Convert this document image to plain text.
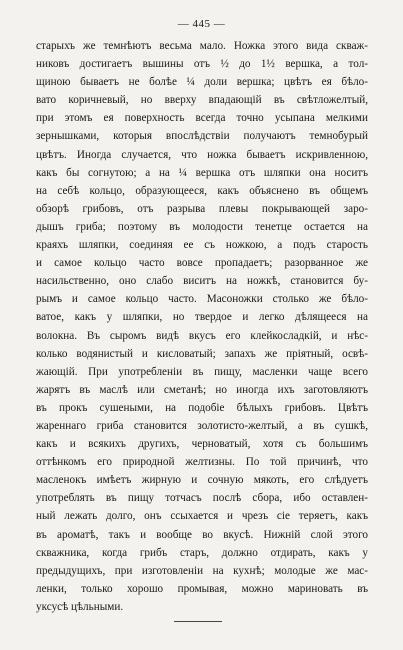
— 445 —
старыхъ же темнѣютъ весьма мало. Ножка этого вида скваж-
никовъ достигаетъ вышины отъ ½ до 1½ вершка, а тол-
щиною бываетъ не болѣе ¼ доли вершка; цвѣтъ ея бѣло-
вато коричневый, но вверху впадающій въ свѣтложелтый,
при этомъ ея поверхность всегда точно усыпана мелкими
зернышками, которыя впослѣдствіи получаютъ темнобурый
цвѣтъ. Иногда случается, что ножка бываетъ искривленною,
какъ бы согнутою; а на ¼ вершка отъ шляпки она носитъ
на себѣ кольцо, образующееся, какъ объяснено въ общемъ
обзорѣ грибовъ, отъ разрыва плевы покрывающей заро-
дышъ гриба; поэтому въ молодости тенетце остается на
краяхъ шляпки, соединяя ее съ ножкою, а подъ старость
и самое кольцо часто вовсе пропадаетъ; разорванное же
насильственно, оно слабо виситъ на ножкѣ, становится бу-
рымъ и самое кольцо часто. Масоножки столько же бѣло-
ватое, какъ у шляпки, но твердое и легко дѣлящееся на
волокна. Въ сыромъ видѣ вкусъ его клейкосладкій, и нѣс-
колько водянистый и кисловатый; запахъ же пріятный, освѣ-
жающій. При употребленіи въ пищу, масленки чаще всего
жарятъ въ маслѣ или сметанѣ; но иногда ихъ заготовляютъ
въ прокъ сушеными, на подобіе бѣлыхъ грибовъ. Цвѣтъ
жареннаго гриба становится золотисто-желтый, а въ сушкѣ,
какъ и всякихъ другихъ, черноватый, хотя съ большимъ
оттѣнкомъ его природной желтизны. По той причинѣ, что
масленокъ имѣетъ жирную и сочную мякоть, его слѣдуетъ
употреблять въ пищу тотчасъ послѣ сбора, ибо оставлен-
ный лежать долго, онъ ссыхается и чрезъ сіе теряетъ, какъ
въ ароматѣ, такъ и вообще во вкусѣ. Нижній слой этого
скважника, когда грибъ старъ, должно отдирать, какъ у
предыдущихъ, при изготовленіи на кухнѣ; молодые же мас-
ленки, только хорошо промывая, можно мариновать въ
уксусѣ цѣльными.
